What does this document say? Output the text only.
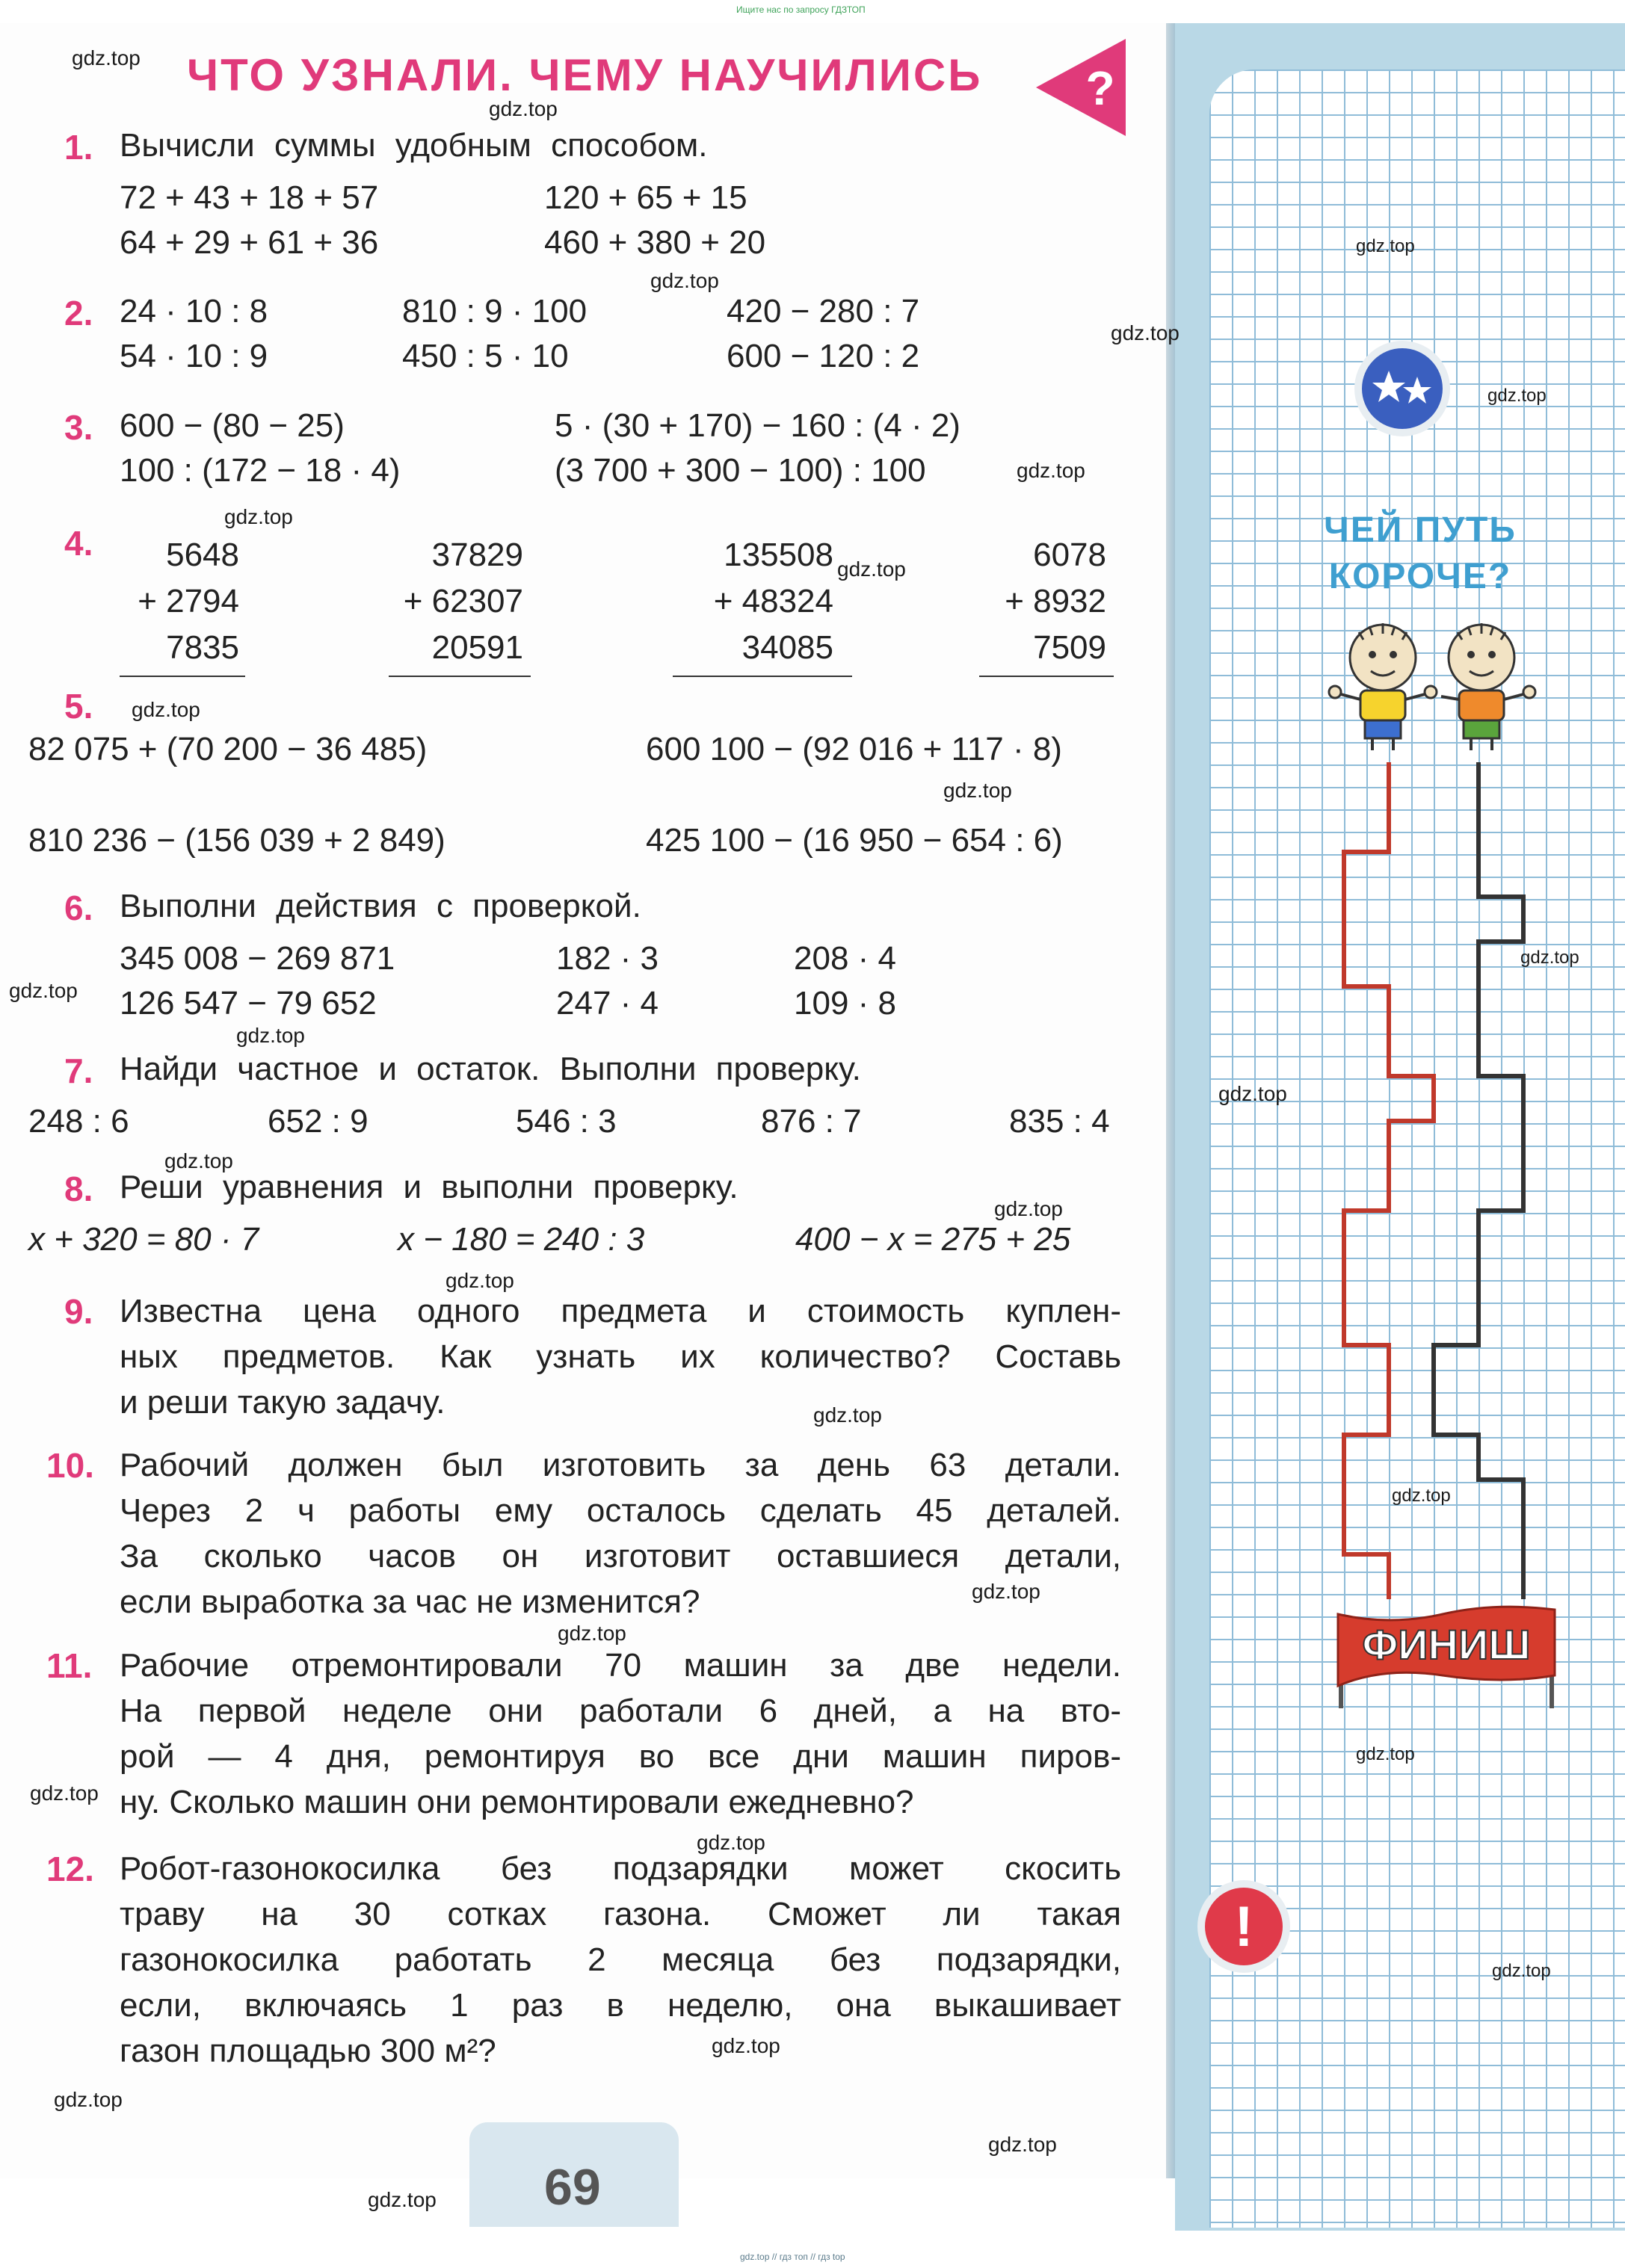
Ищите нас по запросу ГДЗТОП
gdz.top // гдз топ // гдз top
ЧТО УЗНАЛИ. ЧЕМУ НАУЧИЛИСЬ ?
1. Вычисли суммы удобным способом.
72 + 43 + 18 + 57
64 + 29 + 61 + 36
120 + 65 + 15
460 + 380 + 20
2. 24 · 10 : 8
54 · 10 : 9
810 : 9 · 100
450 : 5 · 10
420 − 280 : 7
600 − 120 : 2
3. 600 − (80 − 25)
100 : (172 − 18 · 4)
5 · (30 + 170) − 160 : (4 · 2)
(3 700 + 300 − 100) : 100
4.	5648
+ 2794
7835
37829
+ 62307
20591
135508
+ 48324
34085
6078
+ 8932
7509
5.
82 075 + (70 200 − 36 485)	600 100 − (92 016 + 117 · 8)
810 236 − (156 039 + 2 849)	425 100 − (16 950 − 654 : 6)
6. Выполни действия с проверкой.
345 008 − 269 871
126 547 − 79 652
182 · 3
247 · 4
208 · 4
109 · 8
7. Найди частное и остаток. Выполни проверку.
248 : 6	652 : 9	546 : 3	876 : 7	835 : 4
8. Реши уравнения и выполни проверку.
x + 320 = 80 · 7	x − 180 = 240 : 3	400 − x = 275 + 25
9. Известна цена одного предмета и стоимость куплен-
ных предметов. Как узнать их количество? Составь
и реши такую задачу.
10. Рабочий должен был изготовить за день 63 детали.
Через 2 ч работы ему осталось сделать 45 деталей.
За сколько часов он изготовит оставшиеся детали,
если выработка за час не изменится?
11. Рабочие отремонтировали 70 машин за две недели.
На первой неделе они работали 6 дней, а на вто-
рой — 4 дня, ремонтируя во все дни машин пиров-
ну. Сколько машин они ремонтировали ежедневно?
12. Робот-газонокосилка без подзарядки может скосить
траву на 30 сотках газона. Сможет ли такая
газонокосилка работать 2 месяца без подзарядки,
если, включаясь 1 раз в неделю, она выкашивает
газон площадью 300 м²?
69
ЧЕЙ ПУТЬ
КОРОЧЕ?
ФИНИШ
!
gdz.top
gdz.top
gdz.top
gdz.top
gdz.top
gdz.top
gdz.top
gdz.top
gdz.top
gdz.top
gdz.top
gdz.top
gdz.top
gdz.top
gdz.top
gdz.top
gdz.top
gdz.top
gdz.top
gdz.top
gdz.top
gdz.top
gdz.top
gdz.top
gdz.top
gdz.top
gdz.top
gdz.top
gdz.top
gdz.top
